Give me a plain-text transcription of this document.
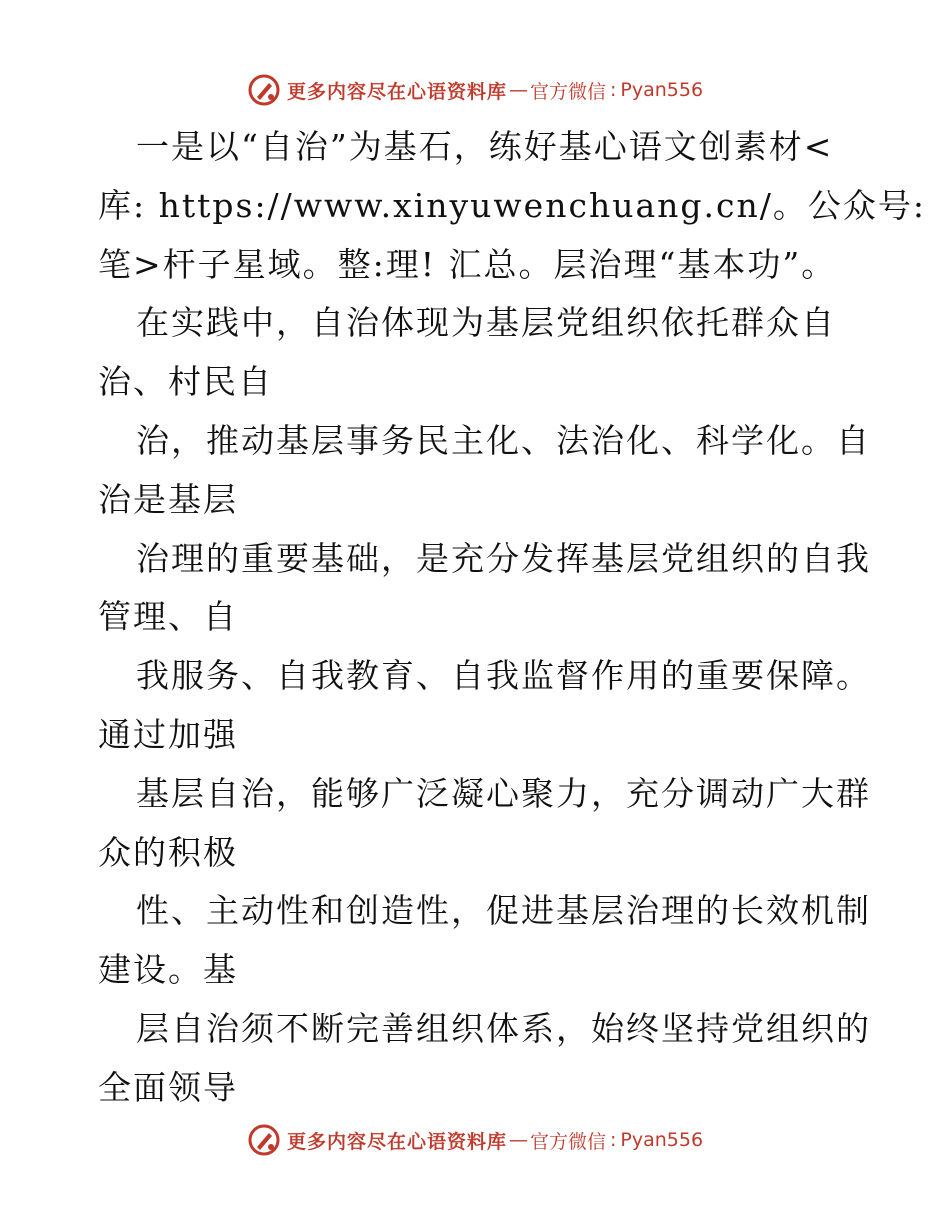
更多内容尽在心语资料库 — 官方微信 : Pyan556
一是以“自治”为基石，练好基心语文创素材<
库: https://www.xinyuwenchuang.cn/。公众号:
笔>杆子星域。整:理! 汇总。层治理“基本功”。
在实践中，自治体现为基层党组织依托群众自
治、村民自
治，推动基层事务民主化、法治化、科学化。自
治是基层
治理的重要基础，是充分发挥基层党组织的自我
管理、自
我服务、自我教育、自我监督作用的重要保障。
通过加强
基层自治，能够广泛凝心聚力，充分调动广大群
众的积极
性、主动性和创造性，促进基层治理的长效机制
建设。基
层自治须不断完善组织体系，始终坚持党组织的
全面领导
更多内容尽在心语资料库 — 官方微信 : Pyan556
